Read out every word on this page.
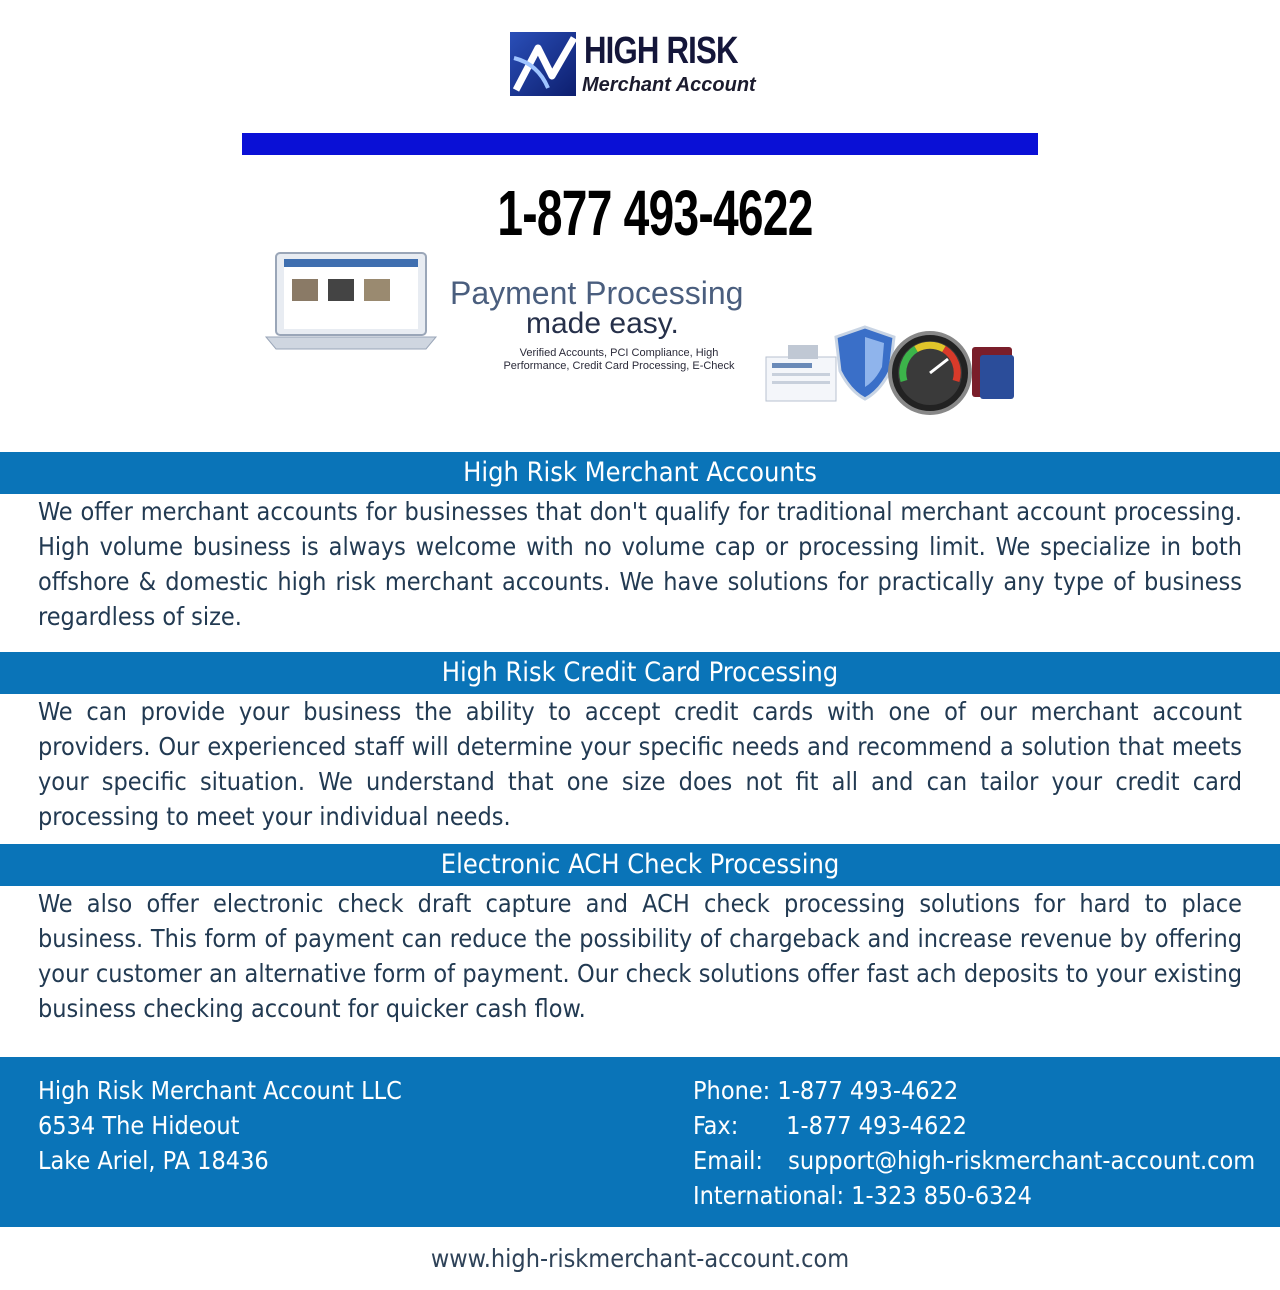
HIGH RISK
Merchant Account
1-877 493-4622
Payment Processing
made easy.
Verified Accounts, PCI Compliance, High Performance, Credit Card Processing, E-Check
High Risk Merchant Accounts
We offer merchant accounts for businesses that don't qualify for traditional merchant account processing. High volume business is always welcome with no volume cap or processing limit. We specialize in both offshore & domestic high risk merchant accounts. We have solutions for practically any type of business regardless of size.
High Risk Credit Card Processing
We can provide your business the ability to accept credit cards with one of our merchant account providers. Our experienced staff will determine your specific needs and recommend a solution that meets your specific situation. We understand that one size does not fit all and can tailor your credit card processing to meet your individual needs.
Electronic ACH Check Processing
We also offer electronic check draft capture and ACH check processing solutions for hard to place business. This form of payment can reduce the possibility of chargeback and increase revenue by offering your customer an alternative form of payment. Our check solutions offer fast ach deposits to your existing business checking account for quicker cash flow.
High Risk Merchant Account LLC
6534 The Hideout
Lake Ariel, PA 18436
Phone: 1-877 493-4622
Fax: 1-877 493-4622
Email: support@high-riskmerchant-account.com
International: 1-323 850-6324
www.high-riskmerchant-account.com
